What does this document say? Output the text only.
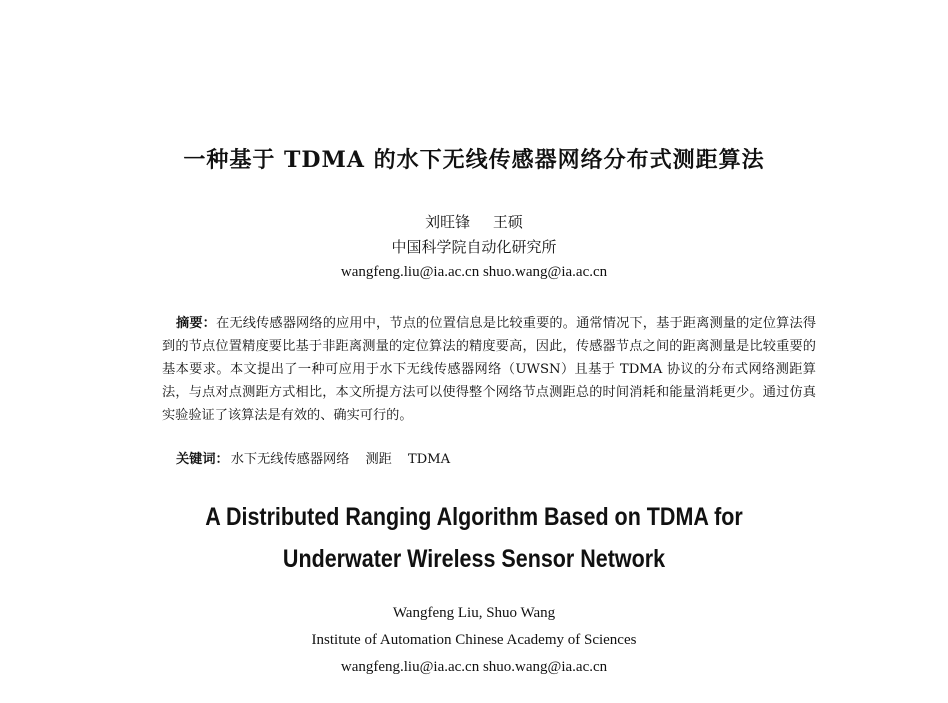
一种基于 TDMA 的水下无线传感器网络分布式测距算法
刘旺锋 王硕
中国科学院自动化研究所
wangfeng.liu@ia.ac.cn shuo.wang@ia.ac.cn
摘要：在无线传感器网络的应用中，节点的位置信息是比较重要的。通常情况下，基于距离测量的定位算法得到的节点位置精度要比基于非距离测量的定位算法的精度要高，因此，传感器节点之间的距离测量是比较重要的基本要求。本文提出了一种可应用于水下无线传感器网络（UWSN）且基于 TDMA 协议的分布式网络测距算法，与点对点测距方式相比，本文所提方法可以使得整个网络节点测距总的时间消耗和能量消耗更少。通过仿真实验验证了该算法是有效的、确实可行的。
关键词： 水下无线传感器网络 测距 TDMA
A Distributed Ranging Algorithm Based on TDMA for
Underwater Wireless Sensor Network
Wangfeng Liu, Shuo Wang
Institute of Automation Chinese Academy of Sciences
wangfeng.liu@ia.ac.cn shuo.wang@ia.ac.cn
